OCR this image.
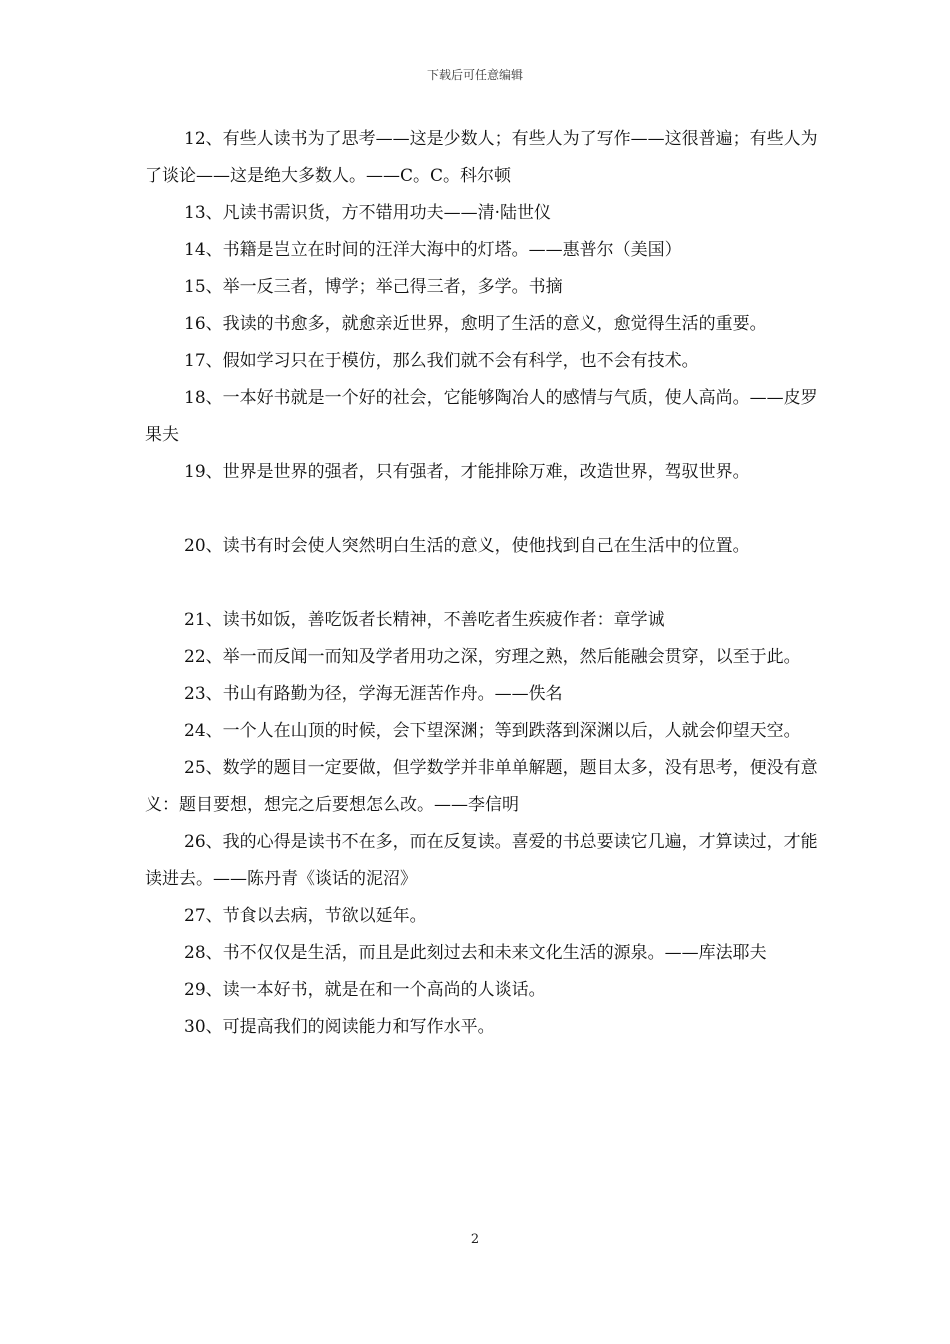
下载后可任意编辑

12、有些人读书为了思考——这是少数人；有些人为了写作——这很普遍；有些人为了谈论——这是绝大多数人。——C。C。科尔顿

13、凡读书需识货，方不错用功夫——清·陆世仪

14、书籍是岂立在时间的汪洋大海中的灯塔。——惠普尔（美国）

15、举一反三者，博学；举己得三者，多学。书摘

16、我读的书愈多，就愈亲近世界，愈明了生活的意义，愈觉得生活的重要。

17、假如学习只在于模仿，那么我们就不会有科学，也不会有技术。

18、一本好书就是一个好的社会，它能够陶冶人的感情与气质，使人高尚。——皮罗果夫

19、世界是世界的强者，只有强者，才能排除万难，改造世界，驾驭世界。

20、读书有时会使人突然明白生活的意义，使他找到自己在生活中的位置。

21、读书如饭，善吃饭者长精神，不善吃者生疾疲作者：章学诚

22、举一而反闻一而知及学者用功之深，穷理之熟，然后能融会贯穿，以至于此。

23、书山有路勤为径，学海无涯苦作舟。——佚名

24、一个人在山顶的时候，会下望深渊；等到跌落到深渊以后，人就会仰望天空。

25、数学的题目一定要做，但学数学并非单单解题，题目太多，没有思考，便没有意义：题目要想，想完之后要想怎么改。——李信明

26、我的心得是读书不在多，而在反复读。喜爱的书总要读它几遍，才算读过，才能读进去。——陈丹青《谈话的泥沼》

27、节食以去病，节欲以延年。

28、书不仅仅是生活，而且是此刻过去和未来文化生活的源泉。——库法耶夫

29、读一本好书，就是在和一个高尚的人谈话。

30、可提高我们的阅读能力和写作水平。

2
